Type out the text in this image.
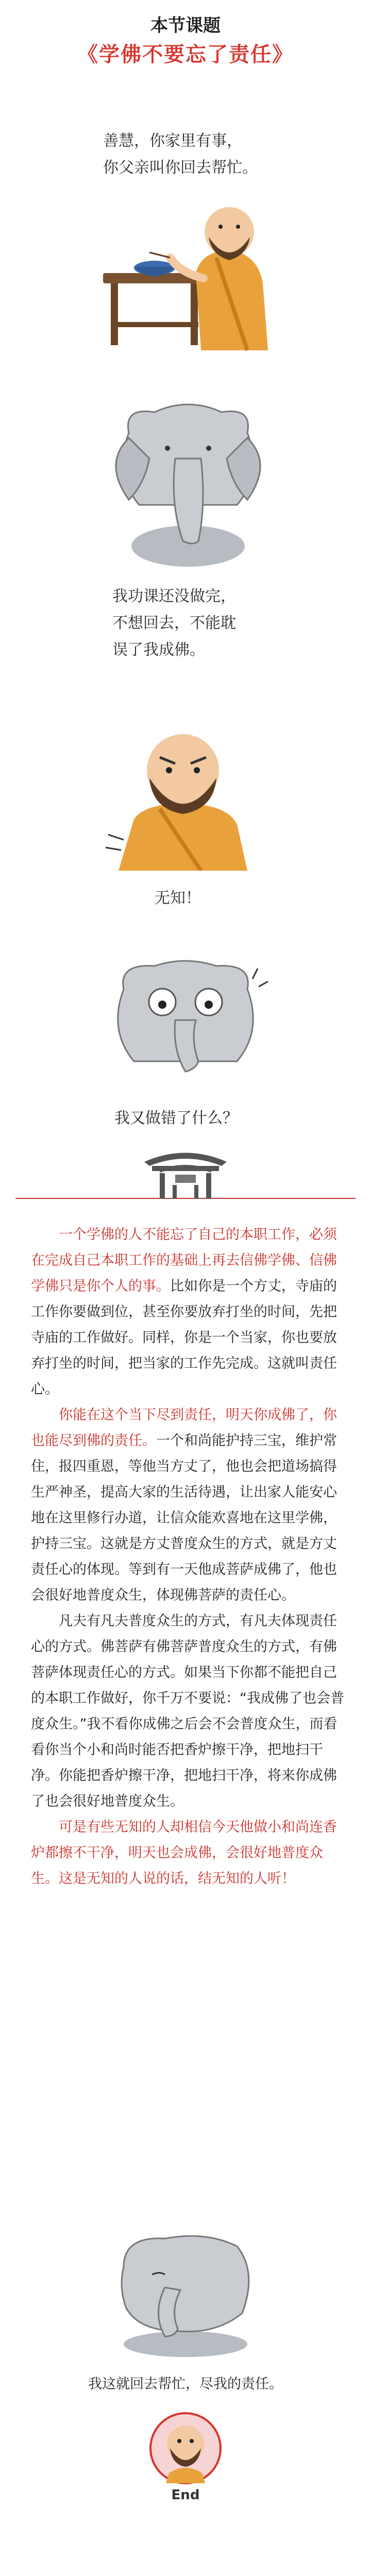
本节课题
《学佛不要忘了责任》
善慧，你家里有事，
你父亲叫你回去帮忙。
我功课还没做完，
不想回去，不能耽
误了我成佛。
无知！
我又做错了什么？

一个学佛的人不能忘了自己的本职工作，必须在完成自己本职工作的基础上再去信佛学佛、信佛学佛只是你个人的事。比如你是一个方丈，寺庙的工作你要做到位，甚至你要放弃打坐的时间，先把寺庙的工作做好。同样，你是一个当家，你也要放弃打坐的时间，把当家的工作先完成。这就叫责任心。

你能在这个当下尽到责任，明天你成佛了，你也能尽到佛的责任。一个和尚能护持三宝，维护常住，报四重恩，等他当方丈了，他也会把道场搞得生严神圣，提高大家的生活待遇，让出家人能安心地在这里修行办道，让信众能欢喜地在这里学佛，护持三宝。这就是方丈普度众生的方式，就是方丈责任心的体现。等到有一天他成菩萨成佛了，他也会很好地普度众生，体现佛菩萨的责任心。

凡夫有凡夫普度众生的方式，有凡夫体现责任心的方式。佛菩萨有佛菩萨普度众生的方式，有佛菩萨体现责任心的方式。如果当下你都不能把自己的本职工作做好，你千万不要说：“我成佛了也会普度众生。”我不看你成佛之后会不会普度众生，而看看你当个小和尚时能否把香炉擦干净，把地扫干净。你能把香炉擦干净，把地扫干净，将来你成佛了也会很好地普度众生。

可是有些无知的人却相信今天他做小和尚连香炉都擦不干净，明天也会成佛，会很好地普度众生。这是无知的人说的话，结无知的人听！

我这就回去帮忙，尽我的责任。
End
